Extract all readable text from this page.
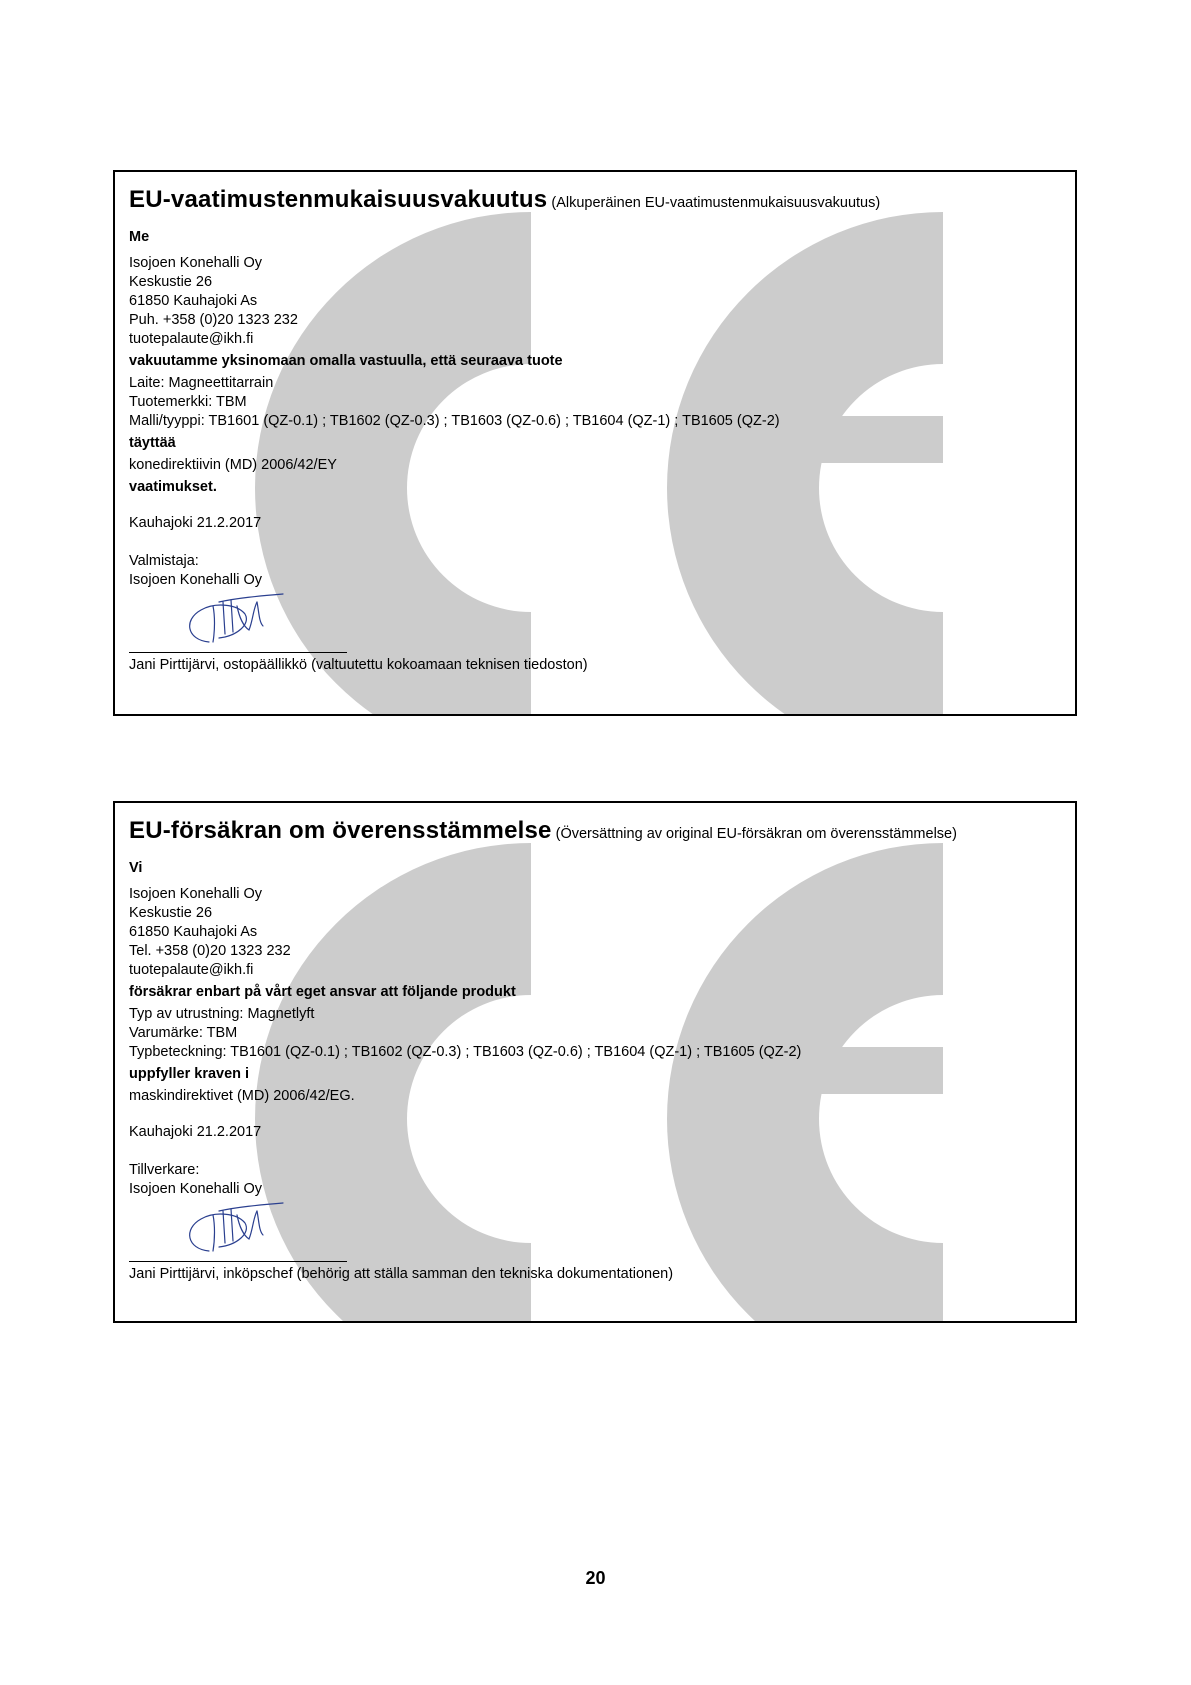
EU-vaatimustenmukaisuusvakuutus (Alkuperäinen EU-vaatimustenmukaisuusvakuutus)
Me
Isojoen Konehalli Oy
Keskustie 26
61850 Kauhajoki As
Puh. +358 (0)20 1323 232
tuotepalaute@ikh.fi
vakuutamme yksinomaan omalla vastuulla, että seuraava tuote
Laite: Magneettitarrain
Tuotemerkki: TBM
Malli/tyyppi: TB1601 (QZ-0.1) ; TB1602 (QZ-0.3) ; TB1603 (QZ-0.6) ; TB1604 (QZ-1) ; TB1605 (QZ-2)
täyttää
konedirektiivin (MD) 2006/42/EY
vaatimukset.
Kauhajoki 21.2.2017
Valmistaja:
Isojoen Konehalli Oy
Jani Pirttijärvi, ostopäällikkö (valtuutettu kokoamaan teknisen tiedoston)
EU-försäkran om överensstämmelse (Översättning av original EU-försäkran om överensstämmelse)
Vi
Isojoen Konehalli Oy
Keskustie 26
61850 Kauhajoki As
Tel. +358 (0)20 1323 232
tuotepalaute@ikh.fi
försäkrar enbart på vårt eget ansvar att följande produkt
Typ av utrustning: Magnetlyft
Varumärke: TBM
Typbeteckning: TB1601 (QZ-0.1) ; TB1602 (QZ-0.3) ; TB1603 (QZ-0.6) ; TB1604 (QZ-1) ; TB1605 (QZ-2)
uppfyller kraven i
maskindirektivet (MD) 2006/42/EG.
Kauhajoki 21.2.2017
Tillverkare:
Isojoen Konehalli Oy
Jani Pirttijärvi, inköpschef (behörig att ställa samman den tekniska dokumentationen)
20
